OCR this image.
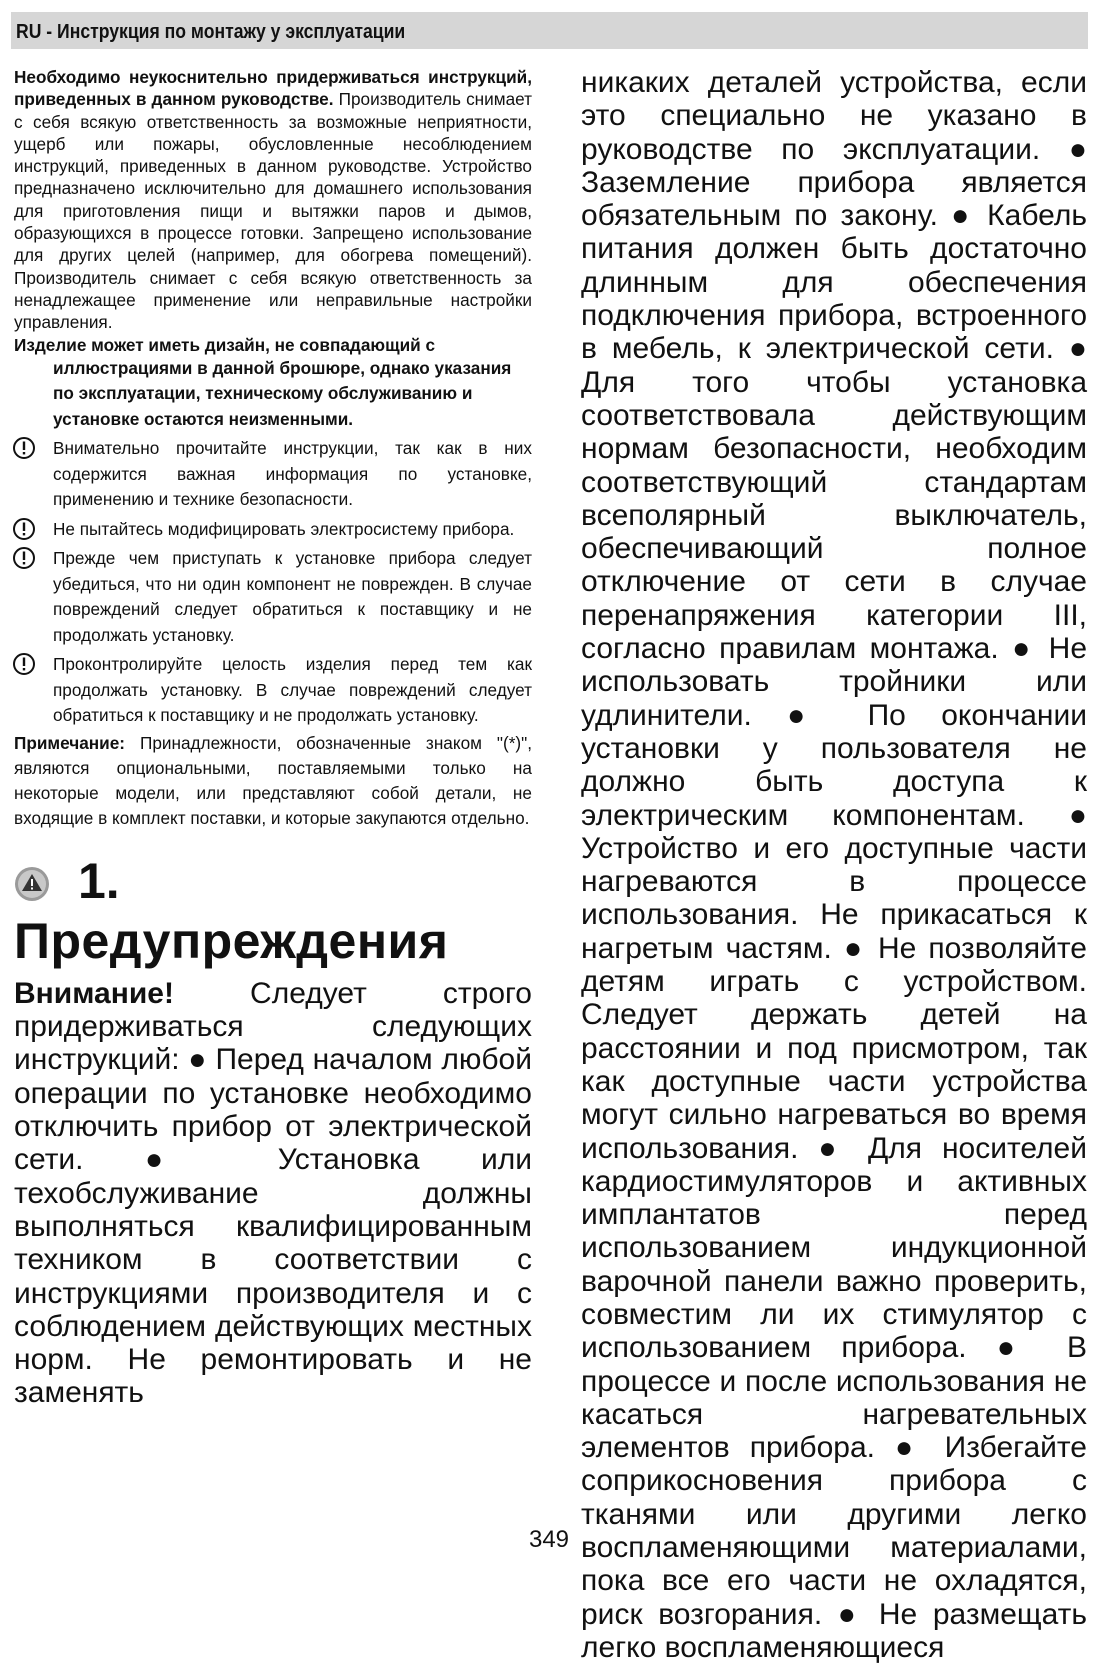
RU - Инструкция по монтажу у эксплуатации

Необходимо неукоснительно придерживаться инструкций, приведенных в данном руководстве. Производитель снимает с себя всякую ответственность за возможные неприятности, ущерб или пожары, обусловленные несоблюдением инструкций, приведенных в данном руководстве. Устройство предназначено исключительно для домашнего использования для приготовления пищи и вытяжки паров и дымов, образующихся в процессе готовки. Запрещено использование для других целей (например, для обогрева помещений). Производитель снимает с себя всякую ответственность за ненадлежащее применение или неправильные настройки управления.

Изделие может иметь дизайн, не совпадающий с

иллюстрациями в данной брошюре, однако указания по эксплуатации, техническому обслуживанию и установке остаются неизменными.

Внимательно прочитайте инструкции, так как в них содержится важная информация по установке, применению и технике безопасности.

Не пытайтесь модифицировать электросистему прибора.

Прежде чем приступать к установке прибора следует убедиться, что ни один компонент не поврежден. В случае повреждений следует обратиться к поставщику и не продолжать установку.

Проконтролируйте целость изделия перед тем как продолжать установку. В случае повреждений следует обратиться к поставщику и не продолжать установку.

Примечание: Принадлежности, обозначенные знаком "(*)", являются опциональными, поставляемыми только на некоторые модели, или представляют собой детали, не входящие в комплект поставки, и которые закупаются отдельно.

1.
Предупреждения

Внимание!	Следует строго придерживаться следующих инструкций: ● Перед началом любой операции по установке необходимо отключить прибор от электрической сети. ● Установка или техобслуживание должны выполняться квалифицированным техником в соответствии с инструкциями производителя и с соблюдением действующих местных норм. Не ремонтировать и не заменять

никаких деталей устройства, если это специально не указано в руководстве по эксплуатации. ● Заземление прибора является обязательным по закону. ● Кабель питания должен быть достаточно длинным для обеспечения подключения прибора, встроенного в мебель, к электрической сети. ● Для того чтобы установка соответствовала действующим нормам безопасности, необходим соответствующий стандартам всеполярный выключатель, обеспечивающий полное отключение от сети в случае перенапряжения категории III, согласно правилам монтажа. ● Не использовать тройники или удлинители. ● По окончании установки у пользователя не должно быть доступа к электрическим компонентам. ● Устройство и его доступные части нагреваются в процессе использования. Не прикасаться к нагретым частям. ● Не позволяйте детям играть с устройством. Следует держать детей на расстоянии и под присмотром, так как доступные части устройства могут сильно нагреваться во время использования. ● Для носителей кардиостимуляторов и активных имплантатов перед использованием индукционной варочной панели важно проверить, совместим ли их стимулятор с использованием прибора. ● В процессе и после использования не касаться нагревательных элементов прибора. ● Избегайте соприкосновения прибора с тканями или другими легко воспламеняющими материалами, пока все его части не охладятся, риск возгорания. ● Не размещать легко воспламеняющиеся

349
